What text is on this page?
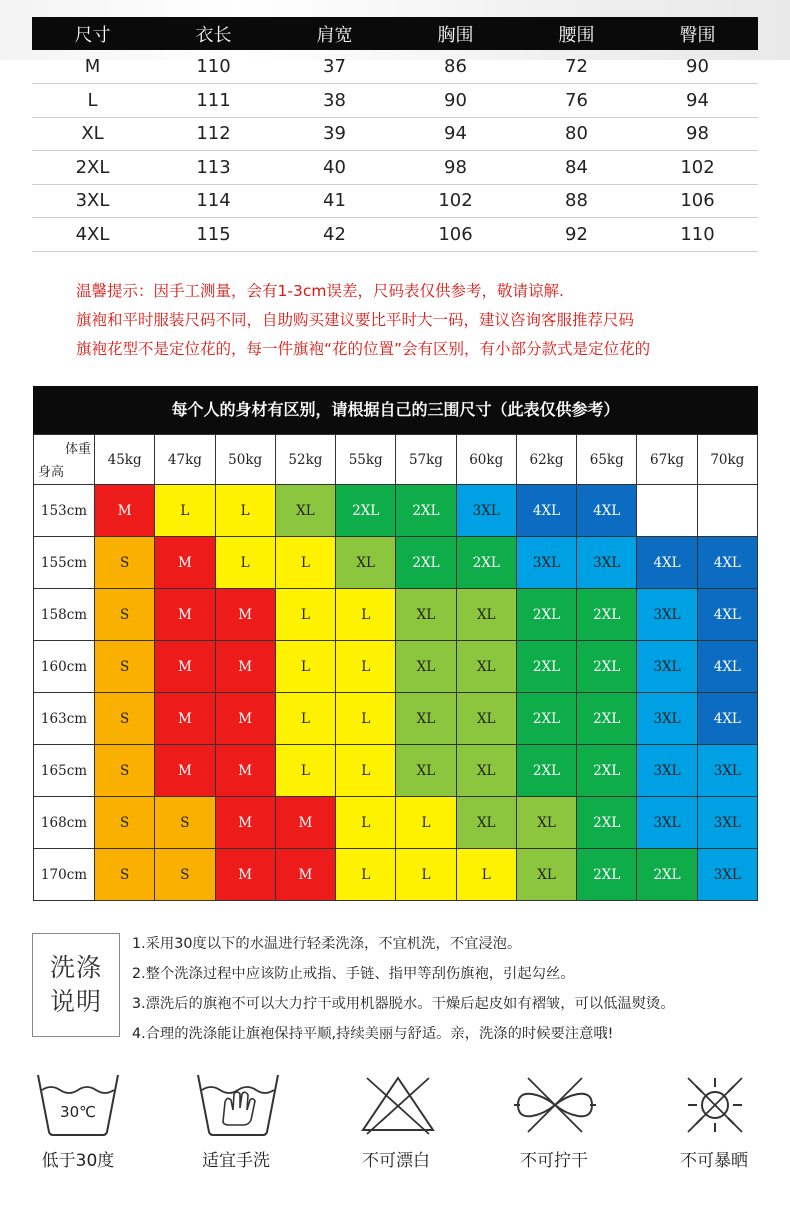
尺寸	衣长	肩宽	胸围	腰围	臀围
M	110	37	86	72	90
L	111	38	90	76	94
XL	112	39	94	80	98
2XL	113	40	98	84	102
3XL	114	41	102	88	106
4XL	115	42	106	92	110

温馨提示：因手工测量，会有1-3cm误差，尺码表仅供参考，敬请谅解.

旗袍和平时服装尺码不同，自助购买建议要比平时大一码，建议咨询客服推荐尺码

旗袍花型不是定位花的，每一件旗袍“花的位置”会有区别，有小部分款式是定位花的

每个人的身材有区别，请根据自己的三围尺寸（此表仅供参考）
体重
身高	45kg	47kg	50kg	52kg	55kg	57kg	60kg	62kg	65kg	67kg	70kg
153cm	M	L	L	XL	2XL	2XL	3XL	4XL	4XL		
155cm	S	M	L	L	XL	2XL	2XL	3XL	3XL	4XL	4XL
158cm	S	M	M	L	L	XL	XL	2XL	2XL	3XL	4XL
160cm	S	M	M	L	L	XL	XL	2XL	2XL	3XL	4XL
163cm	S	M	M	L	L	XL	XL	2XL	2XL	3XL	4XL
165cm	S	M	M	L	L	XL	XL	2XL	2XL	3XL	3XL
168cm	S	S	M	M	L	L	XL	XL	2XL	3XL	3XL
170cm	S	S	M	M	L	L	L	XL	2XL	2XL	3XL
洗涤
说明

1.采用30度以下的水温进行轻柔洗涤，不宜机洗，不宜浸泡。

2.整个洗涤过程中应该防止戒指、手链、指甲等刮伤旗袍，引起勾丝。

3.漂洗后的旗袍不可以大力拧干或用机器脱水。干燥后起皮如有褶皱，可以低温熨烫。

4.合理的洗涤能让旗袍保持平顺,持续美丽与舒适。亲，洗涤的时候要注意哦!

30℃
低于30度	适宜手洗	不可漂白	不可拧干	不可暴晒
